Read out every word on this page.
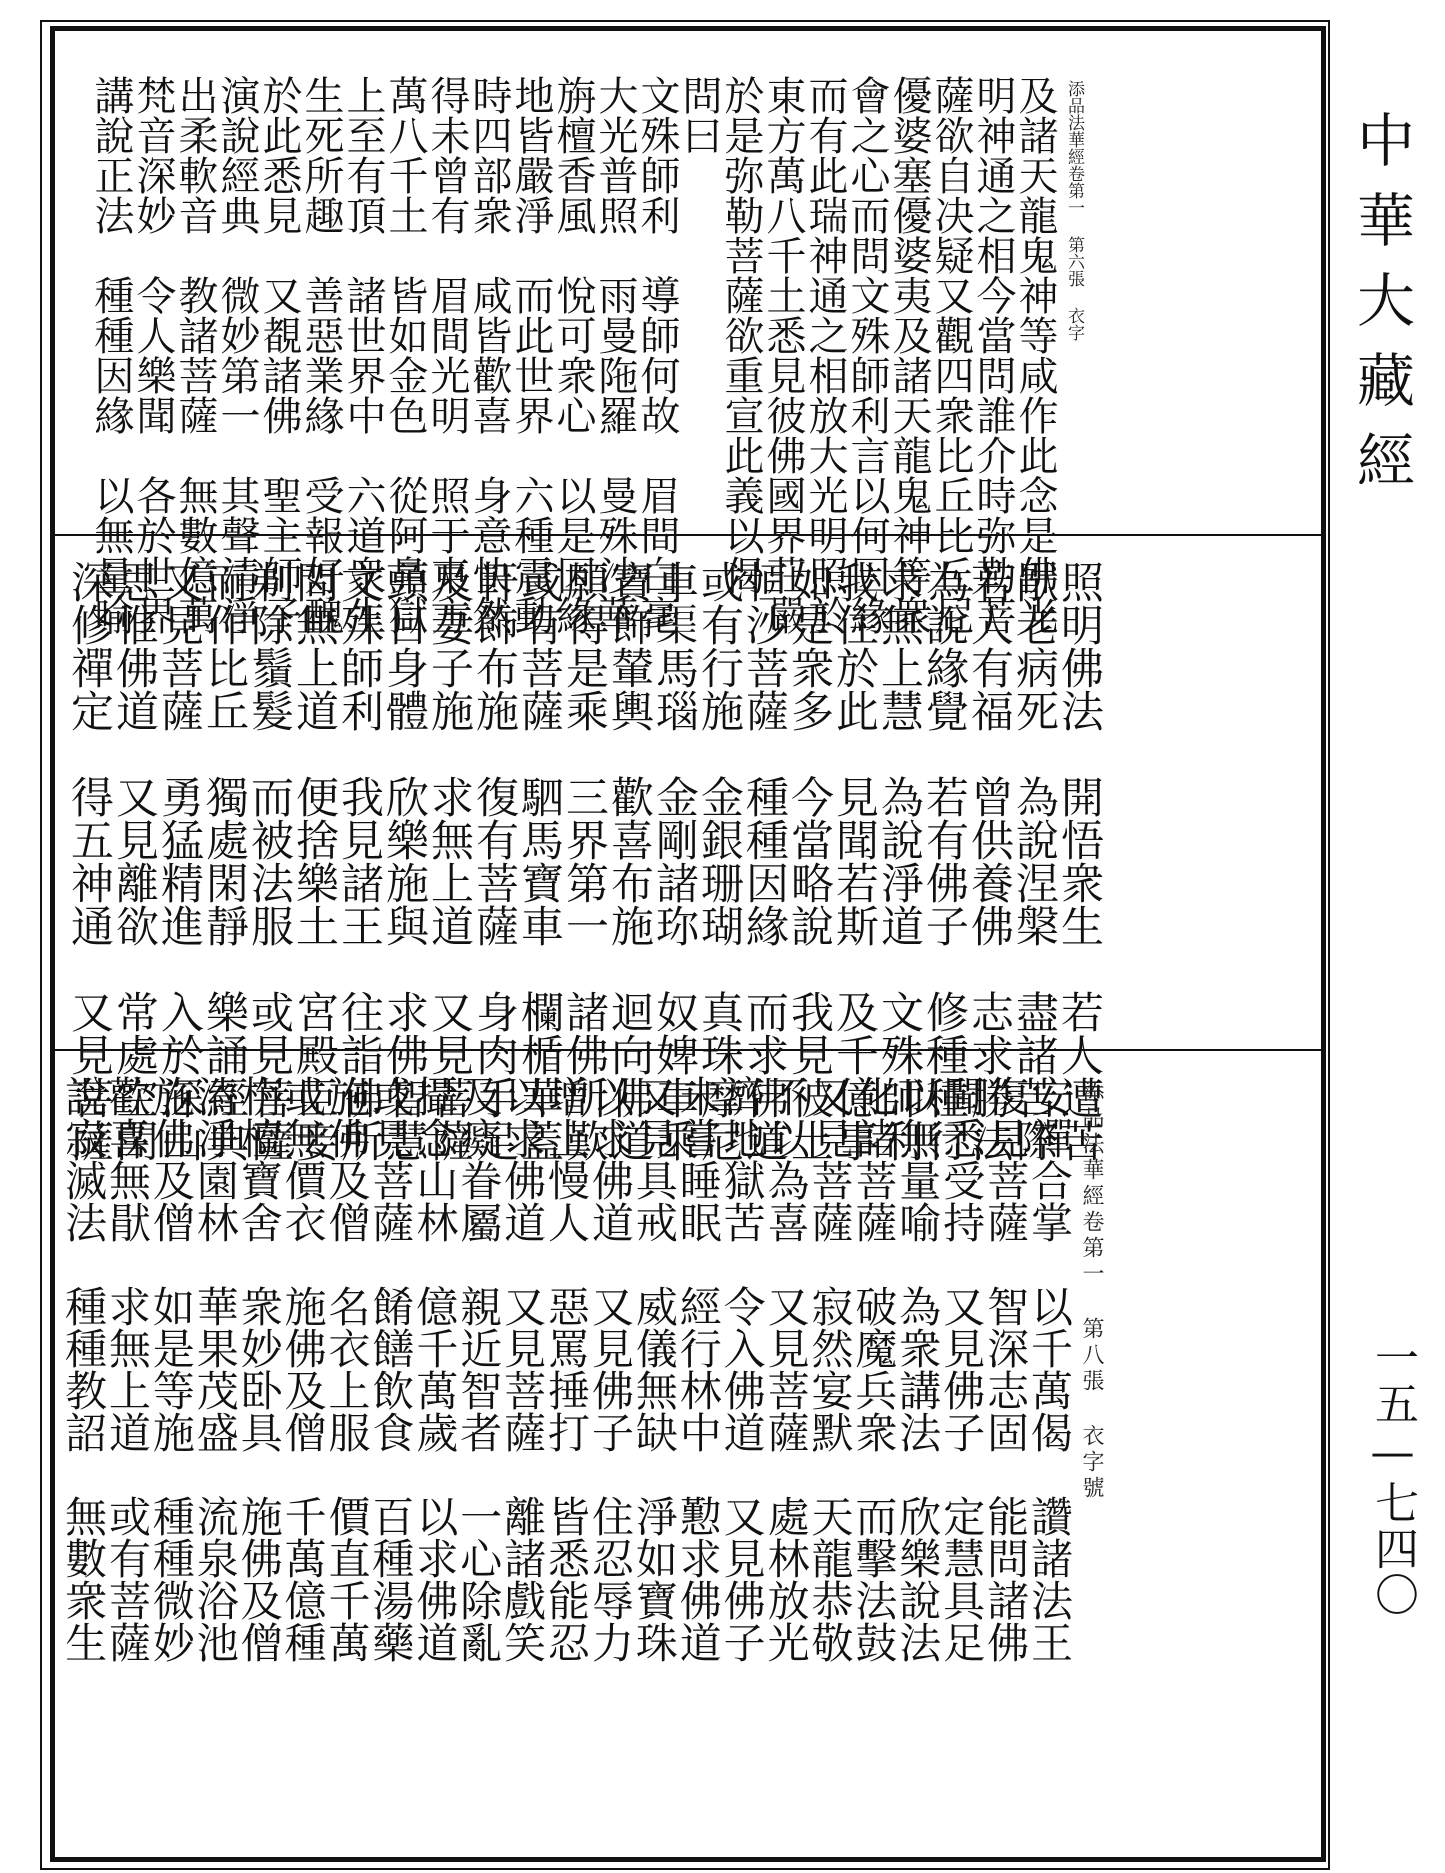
添品法華經卷第一 第六張 衣字
及諸天龍鬼神等咸作此念是佛光
明神通之相今當問誰介時弥勒菩
薩欲自决疑又觀四衆比丘比丘尼
優婆塞優婆夷及諸天龍鬼神等衆
會之心而問文殊師利言以何因緣
而有此瑞神通之相放大光明照於
東方萬八千土悉見彼佛國界莊嚴
於是弥勒菩薩欲重宣此義以偈
問曰
文殊師利　導師何故　眉間白毫
大光普照　雨曼陁羅　曼殊沙華
旃檀香風　悅可衆心　以是因緣
地皆嚴淨　而此世界　六種震動
時四部衆　咸皆歡喜　身意快然
得未曾有　眉間光明　照于東方
萬八千土　皆如金色　從阿鼻獄
上至有頂　諸世界中　六道衆生
生死所趣　善惡業緣　受報好醜
於此悉見　又覩諸佛　聖主師子
演說經典　微妙第一　其聲清淨
出柔軟音　教諸菩薩　無數億萬
梵音深妙　令人樂聞　各於世界
講說正法　種種因緣　以無量喻
照明佛法　開悟衆生　若人遭苦
猒老病死　為說涅槃　盡諸苦際
若人有福　曾供養佛　志求勝法
為說緣覺　若有佛子　修種種行
求無上慧　為說淨道　文殊師利
我住於此　見聞若斯　及千億事
如是衆多　今當略說　我見彼土
恒沙菩薩　種種因緣　而求佛道
或有行施　金銀珊瑚　真珠摩尼
車𤦲馬瑙　金剛諸珎　奴婢車乘
寶飾輦輿　歡喜布施　迴向佛道
願得是乘　三界第一　諸佛所歎
或有菩薩　駟馬寶車　欄楯華蓋
軒飾布施　復有菩薩　身肉手足
及妻子施　求無上道　又見菩薩
頭目身體　欣樂施與　求佛智慧
文殊師利　我見諸王　往詣佛所
問無上道　便捨樂土　宮殿臣妾
剃除鬚髮　而被法服　或見菩薩
而作比丘　獨處閑靜　樂誦經典
又見菩薩　勇猛精進　入於深山
思惟佛道　又見離欲　常處空閑
深修禪定　得五神通　又見菩薩
添品法華經卷第一 第八張 衣字號
安禪合掌　以千萬偈　讚諸法王
復見菩薩　智深志固　能問諸佛
聞悉受持　又見佛子　定慧具足
以無量喻　為衆講法　欣樂說法
化諸菩薩　破魔兵衆　而擊法鼓
又見菩薩　寂然宴默　天龍恭敬
不以為喜　又見菩薩　處林放光
濟地獄苦　令入佛道　又見佛子
未嘗睡眠　經行林中　懃求佛道
又見具戒　威儀無缺　淨如寶珠
以求佛道　又見佛子　住忍辱力
增上慢人　惡罵捶打　皆悉能忍
以求佛道　又見菩薩　離諸戲笑
及癡眷屬　親近智者　一心除亂
攝念山林　億千萬歲　以求佛道
或見菩薩　餚饍飲食　百種湯藥
施佛及僧　名衣上服　價直千萬
或無價衣　施佛及僧　千萬億種
栴檀寶舍　衆妙卧具　施佛及僧
清淨園林　華果茂盛　流泉浴池
施佛及僧　如是等施　種種微妙
歡喜無猒　求無上道　或有菩薩
說寂滅法　種種教詔　無數衆生
中華大藏經
一五—七四〇
